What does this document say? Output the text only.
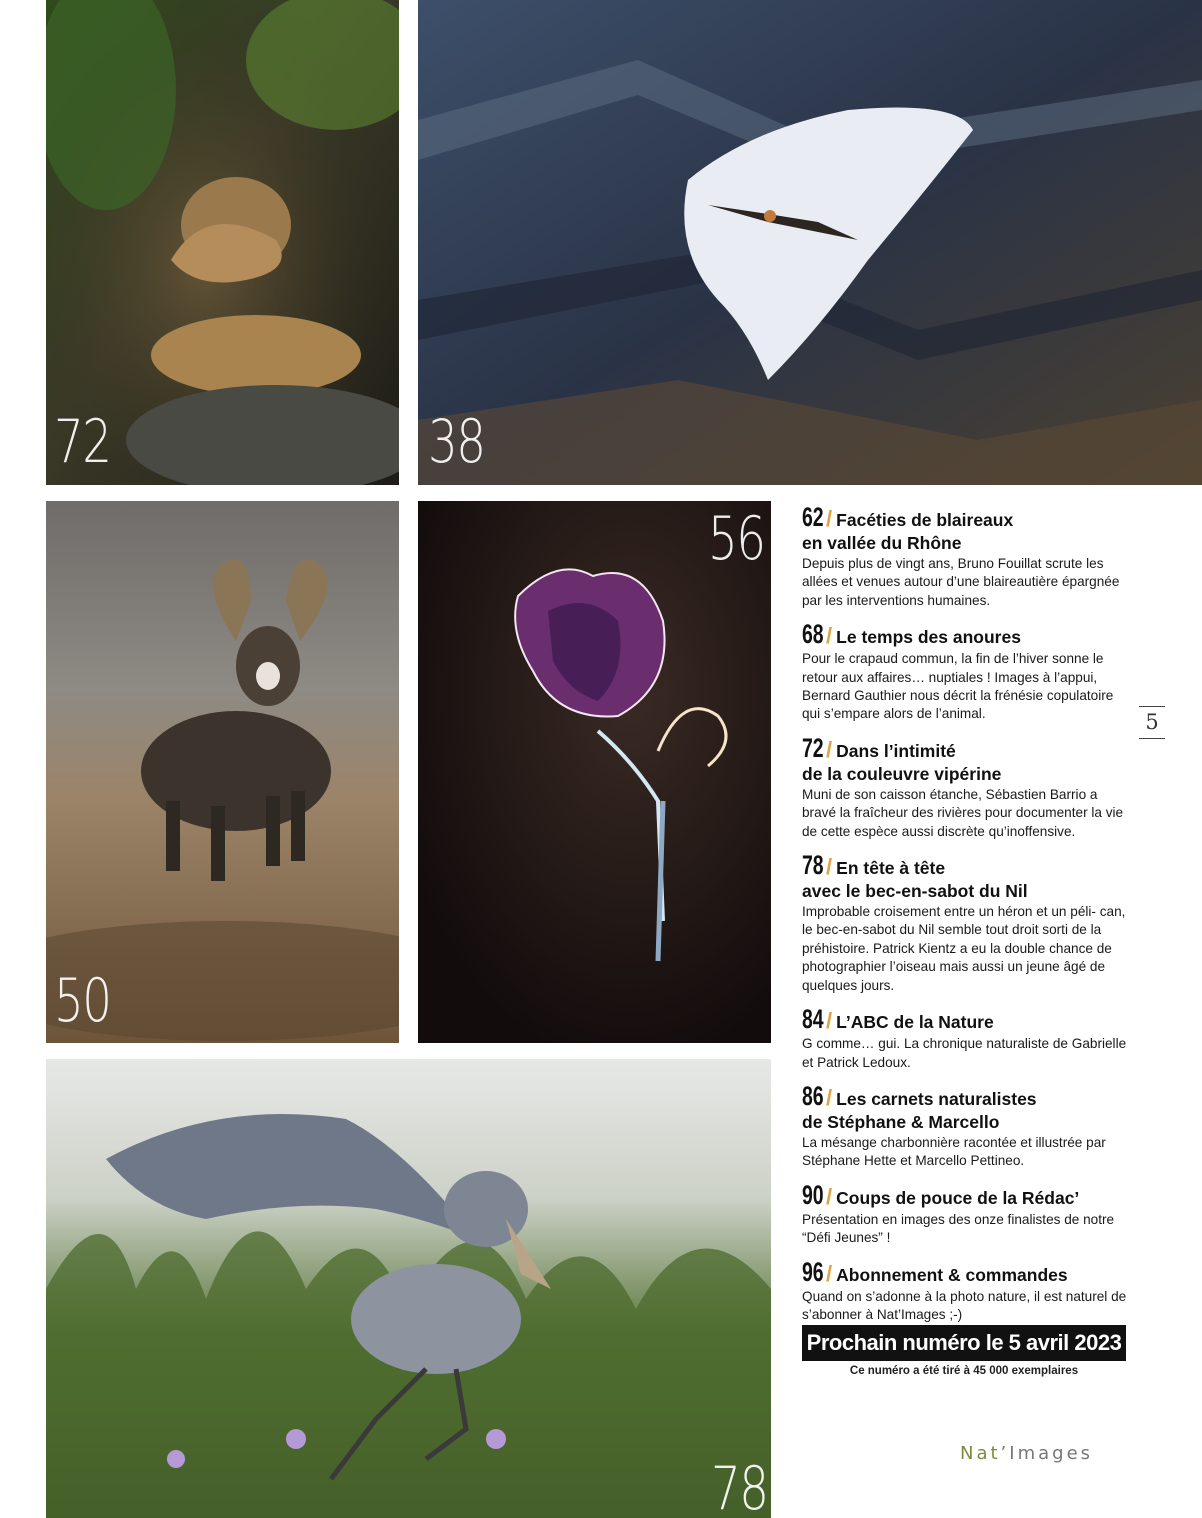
72	38
50
56
78
62 / Facéties de blaireaux
en vallée du Rhône
Depuis plus de vingt ans, Bruno Fouillat scrute les allées et venues autour d’une blaireautière épargnée par les interventions humaines.
68 / Le temps des anoures
Pour le crapaud commun, la fin de l’hiver sonne le retour aux affaires… nuptiales ! Images à l’appui, Bernard Gauthier nous décrit la frénésie copulatoire qui s’empare alors de l’animal.
72 / Dans l’intimité
de la couleuvre vipérine
Muni de son caisson étanche, Sébastien Barrio a bravé la fraîcheur des rivières pour documenter la vie de cette espèce aussi discrète qu’inoffensive.
78 / En tête à tête
avec le bec-en-sabot du Nil
Improbable croisement entre un héron et un péli- can, le bec-en-sabot du Nil semble tout droit sorti de la préhistoire. Patrick Kientz a eu la double chance de photographier l’oiseau mais aussi un jeune âgé de quelques jours.
84 / L’ABC de la Nature
G comme… gui. La chronique naturaliste de Gabrielle et Patrick Ledoux.
86 / Les carnets naturalistes
de Stéphane & Marcello
La mésange charbonnière racontée et illustrée par Stéphane Hette et Marcello Pettineo.
90 / Coups de pouce de la Rédac’
Présentation en images des onze finalistes de notre “Défi Jeunes” !
96 / Abonnement & commandes
Quand on s’adonne à la photo nature, il est naturel de s’abonner à Nat’Images ;-)
Prochain numéro le 5 avril 2023
Ce numéro a été tiré à 45 000 exemplaires
5
Nat’Images
